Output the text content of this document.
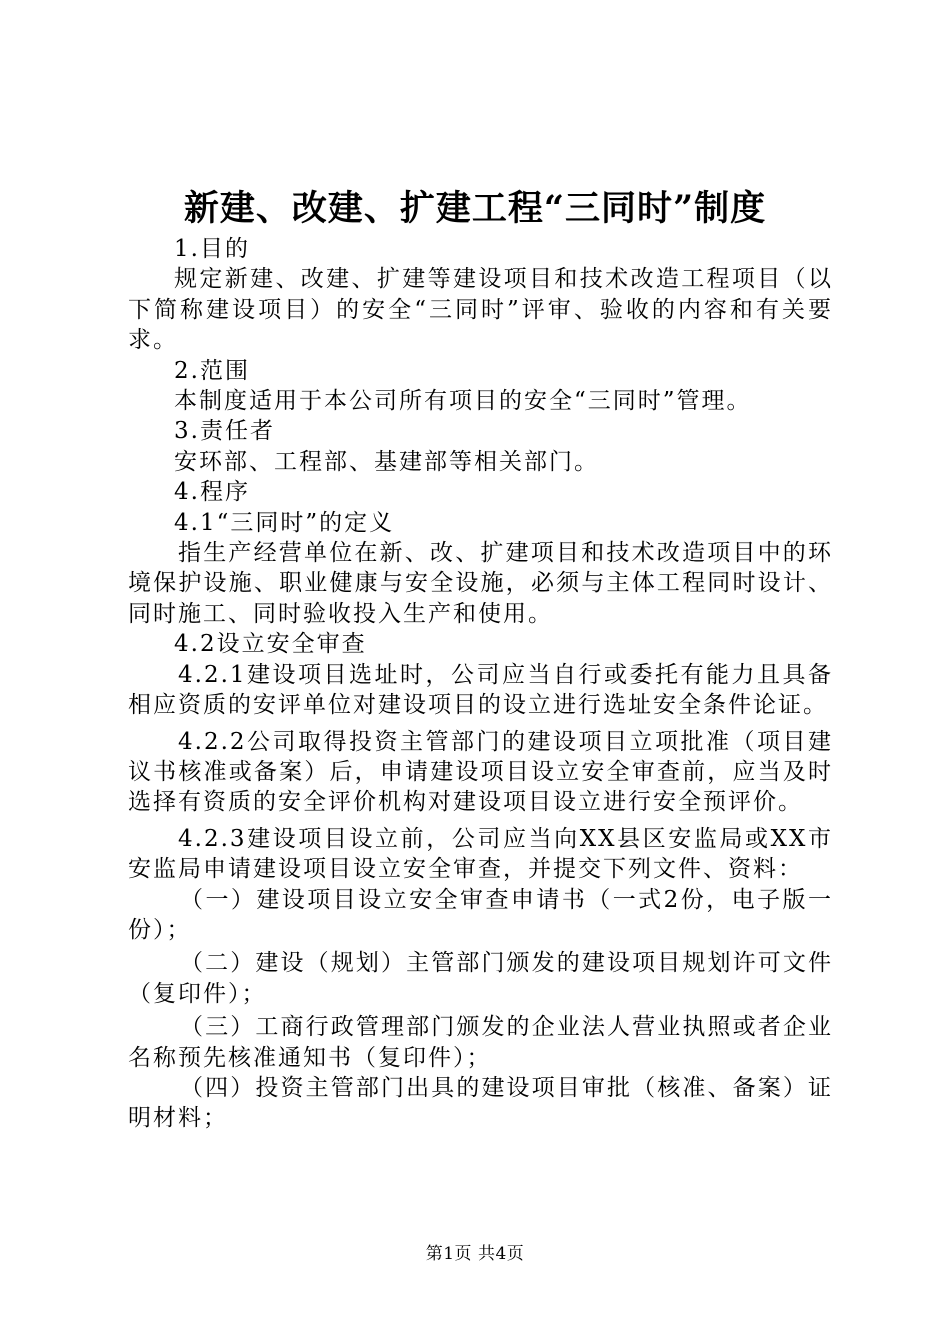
新建、改建、扩建工程“三同时”制度

1.目的

规定新建、改建、扩建等建设项目和技术改造工程项目（以下简称建设项目）的安全“三同时”评审、验收的内容和有关要求。

2.范围

本制度适用于本公司所有项目的安全“三同时”管理。

3.责任者

安环部、工程部、基建部等相关部门。

4.程序

4.1“三同时”的定义

指生产经营单位在新、改、扩建项目和技术改造项目中的环境保护设施、职业健康与安全设施，必须与主体工程同时设计、同时施工、同时验收投入生产和使用。

4.2设立安全审查

4.2.1建设项目选址时，公司应当自行或委托有能力且具备相应资质的安评单位对建设项目的设立进行选址安全条件论证。

4.2.2公司取得投资主管部门的建设项目立项批准（项目建议书核准或备案）后，申请建设项目设立安全审查前，应当及时选择有资质的安全评价机构对建设项目设立进行安全预评价。

4.2.3建设项目设立前，公司应当向XX县区安监局或XX市安监局申请建设项目设立安全审查，并提交下列文件、资料：

（一）建设项目设立安全审查申请书（一式2份，电子版一份）；

（二）建设（规划）主管部门颁发的建设项目规划许可文件（复印件）；

（三）工商行政管理部门颁发的企业法人营业执照或者企业名称预先核准通知书（复印件）；

（四）投资主管部门出具的建设项目审批（核准、备案）证明材料；

第1页 共4页
